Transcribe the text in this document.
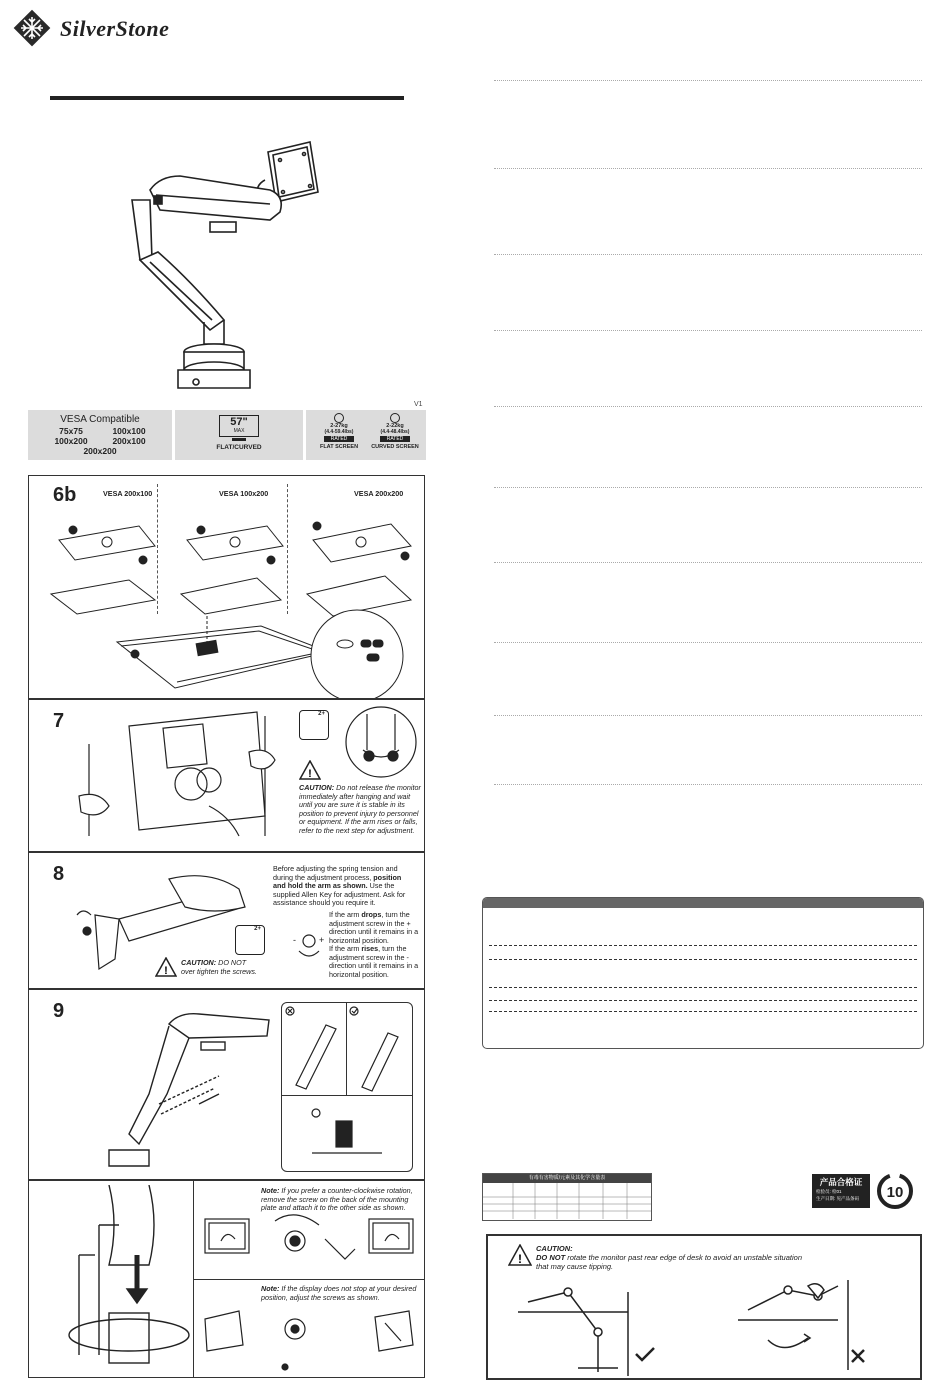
SilverStone
V1
VESA Compatible
75x75	100x100
100x200	200x100
200x200
57"
MAX
FLAT/CURVED
2-27kg
(4.4-59.4lbs)
RATED
FLAT SCREEN
2-22kg
(4.4-48.4lbs)
RATED
CURVED SCREEN
6b	VESA 200x100	VESA 100x200	VESA 200x200
7	2+
!
CAUTION: Do not release the monitor immediately after hanging and wait until you are sure it is stable in its position to prevent injury to personnel or equipment. If the arm rises or falls, refer to the next step for adjustment.
8	Before adjusting the spring tension and during the adjustment process, position and hold the arm as shown. Use the supplied Allen Key for adjustment. Ask for assistance should you require it.
If the arm drops, turn the adjustment screw in the + direction until it remains in a horizontal position.
If the arm rises, turn the adjustment screw in the - direction until it remains in a horizontal position.
-	+
2+
!
CAUTION: DO NOT over tighten the screws.
9
Note: If you prefer a counter-clockwise rotation, remove the screw on the back of the mounting plate and attach it to the other side as shown.
Note: If the display does not stop at your desired position, adjust the screws as shown.
有毒有害物质/元素及其化学含量表	产品合格证
检验员: 检01
生产日期: 见产品条码	10
!
CAUTION:
DO NOT rotate the monitor past rear edge of desk to avoid an unstable situation that may cause tipping.
